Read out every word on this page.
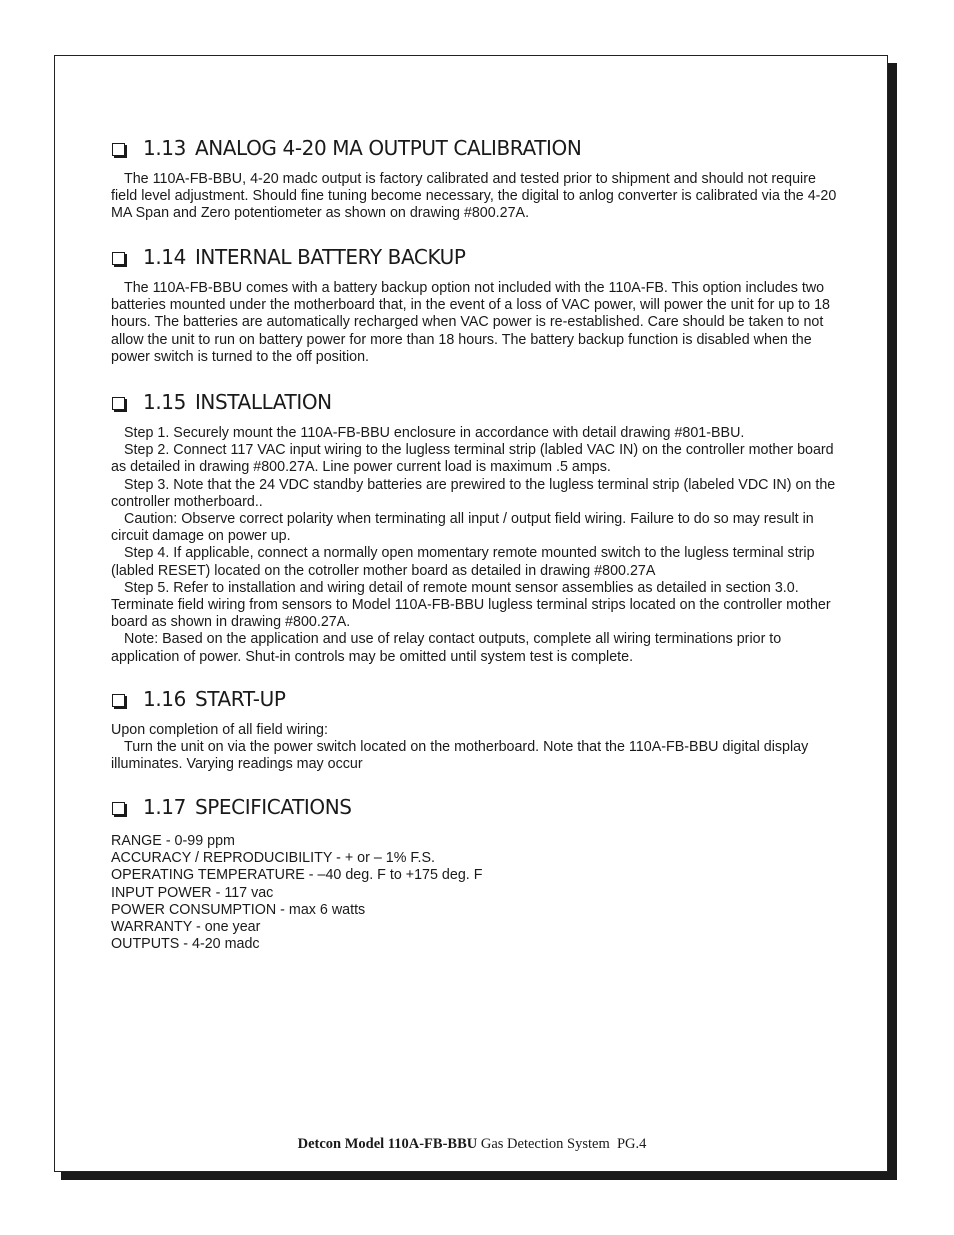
1.13 ANALOG 4-20 MA OUTPUT CALIBRATION

The 110A-FB-BBU, 4-20 madc output is factory calibrated and tested prior to shipment and should not require field level adjustment. Should fine tuning become necessary, the digital to anlog converter is calibrated via the 4-20 MA Span and Zero potentiometer as shown on drawing #800.27A.

1.14 INTERNAL BATTERY BACKUP

The 110A-FB-BBU comes with a battery backup option not included with the 110A-FB. This option includes two batteries mounted under the motherboard that, in the event of a loss of VAC power, will power the unit for up to 18 hours. The batteries are automatically recharged when VAC power is re-established. Care should be taken to not allow the unit to run on battery power for more than 18 hours. The battery backup function is disabled when the power switch is turned to the off position.

1.15 INSTALLATION

Step 1. Securely mount the 110A-FB-BBU enclosure in accordance with detail drawing #801-BBU.

Step 2. Connect 117 VAC input wiring to the lugless terminal strip (labled VAC IN) on the controller mother board as detailed in drawing #800.27A. Line power current load is maximum .5 amps.

Step 3. Note that the 24 VDC standby batteries are prewired to the lugless terminal strip (labeled VDC IN) on the controller motherboard..

Caution: Observe correct polarity when terminating all input / output field wiring. Failure to do so may result in circuit damage on power up.

Step 4. If applicable, connect a normally open momentary remote mounted switch to the lugless terminal strip (labled RESET) located on the cotroller mother board as detailed in drawing #800.27A

Step 5. Refer to installation and wiring detail of remote mount sensor assemblies as detailed in section 3.0. Terminate field wiring from sensors to Model 110A-FB-BBU lugless terminal strips located on the controller mother board as shown in drawing #800.27A.

Note: Based on the application and use of relay contact outputs, complete all wiring terminations prior to application of power. Shut-in controls may be omitted until system test is complete.

1.16 START-UP

Upon completion of all field wiring:

Turn the unit on via the power switch located on the motherboard. Note that the 110A-FB-BBU digital display illuminates. Varying readings may occur

1.17 SPECIFICATIONS

RANGE - 0-99 ppm

ACCURACY / REPRODUCIBILITY - + or – 1% F.S.

OPERATING TEMPERATURE - –40 deg. F to +175 deg. F

INPUT POWER - 117 vac

POWER CONSUMPTION - max 6 watts

WARRANTY - one year

OUTPUTS - 4-20 madc

Detcon Model 110A-FB-BBU Gas Detection System  PG.4
